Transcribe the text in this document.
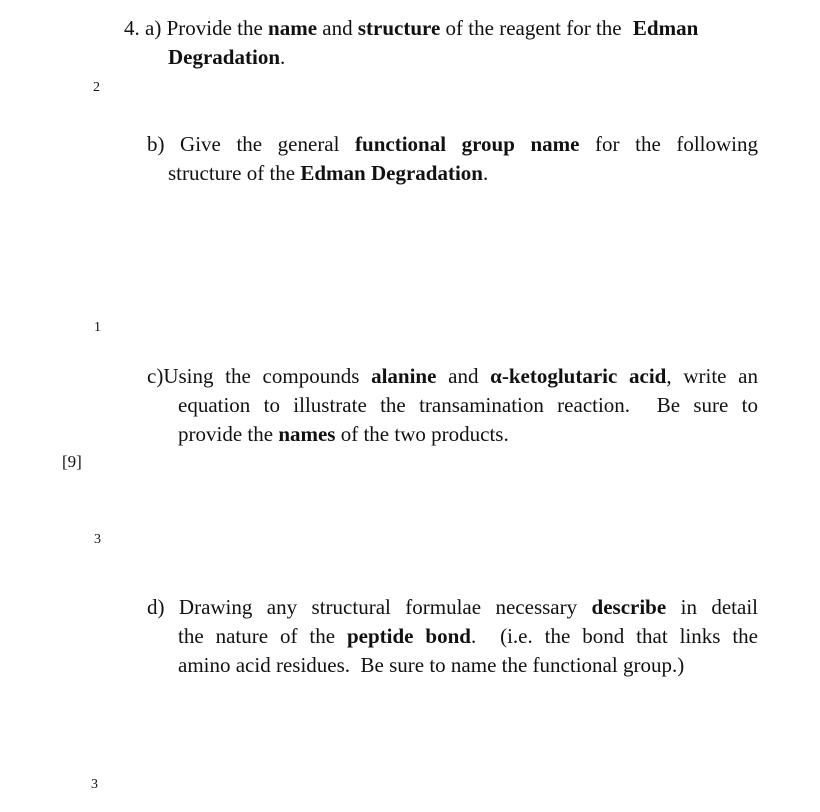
4. a) Provide the name and structure of the reagent for the Edman
Degradation.
b) Give the general functional group name for the following
structure of the Edman Degradation.
c)Using the compounds alanine and α-ketoglutaric acid, write an
equation to illustrate the transamination reaction.  Be sure to
provide the names of the two products.
d) Drawing any structural formulae necessary describe in detail
the nature of the peptide bond.  (i.e. the bond that links the
amino acid residues.  Be sure to name the functional group.)
2
1
[9]
3
3
